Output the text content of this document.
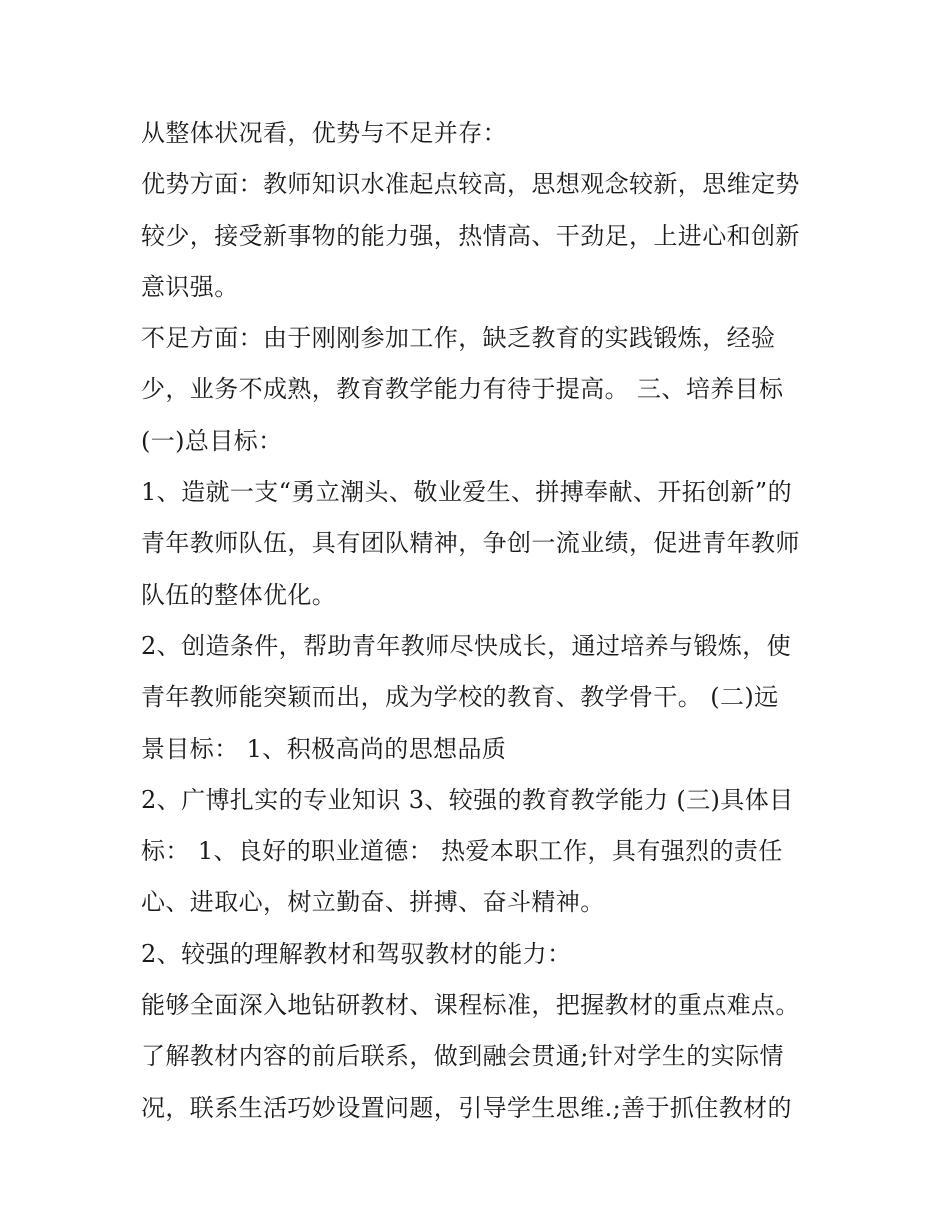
从整体状况看，优势与不足并存：
优势方面：教师知识水准起点较高，思想观念较新，思维定势
较少，接受新事物的能力强，热情高、干劲足，上进心和创新
意识强。
不足方面：由于刚刚参加工作，缺乏教育的实践锻炼，经验
少，业务不成熟，教育教学能力有待于提高。 三、培养目标
(一)总目标：
1、造就一支“勇立潮头、敬业爱生、拼搏奉献、开拓创新”的
青年教师队伍，具有团队精神，争创一流业绩，促进青年教师
队伍的整体优化。
2、创造条件，帮助青年教师尽快成长，通过培养与锻炼，使
青年教师能突颖而出，成为学校的教育、教学骨干。 (二)远
景目标： 1、积极高尚的思想品质
2、广博扎实的专业知识 3、较强的教育教学能力 (三)具体目
标： 1、良好的职业道德： 热爱本职工作，具有强烈的责任
心、进取心，树立勤奋、拼搏、奋斗精神。
2、较强的理解教材和驾驭教材的能力：
能够全面深入地钻研教材、课程标准，把握教材的重点难点。
了解教材内容的前后联系，做到融会贯通;针对学生的实际情
况，联系生活巧妙设置问题，引导学生思维.;善于抓住教材的
